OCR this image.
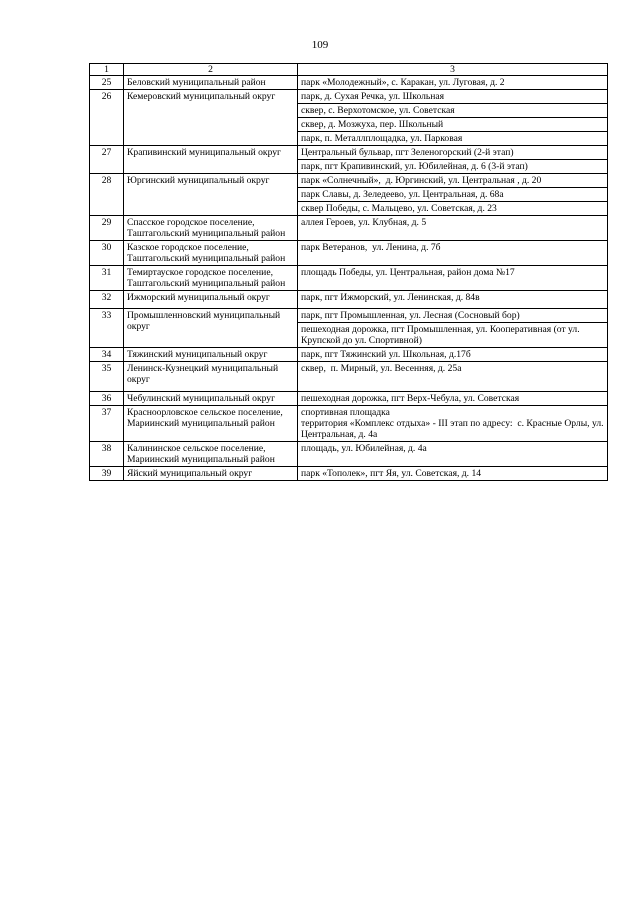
109
1	2	3
25	Беловский муниципальный район	парк «Молодежный», с. Каракан, ул. Луговая, д. 2

26	Кемеровский муниципальный округ	парк, д. Сухая Речка, ул. Школьная

		сквер, с. Верхотомское, ул. Советская

		сквер, д. Мозжуха, пер. Школьный

		парк, п. Металлплощадка, ул. Парковая

27	Крапивинский муниципальный округ	Центральный бульвар, пгт Зеленогорский (2-й этап)

		парк, пгт Крапивинский, ул. Юбилейная, д. 6 (3-й этап)

28	Юргинский муниципальный округ	парк «Солнечный»,  д. Юргинский, ул. Центральная , д. 20

		парк Славы, д. Зеледеево, ул. Центральная, д. 68а

		сквер Победы, с. Мальцево, ул. Советская, д. 23

29	Спасское городское поселение, Таштагольский муниципальный район	аллея Героев, ул. Клубная, д. 5

30	Казское городское поселение, Таштагольский муниципальный район	парк Ветеранов,  ул. Ленина, д. 7б

31	Темиртауское городское поселение, Таштагольский муниципальный район	площадь Победы, ул. Центральная, район дома №17

32	Ижморский муниципальный округ	парк, пгт Ижморский, ул. Ленинская, д. 84в

33	Промышленновский муниципальный округ	парк, пгт Промышленная, ул. Лесная (Сосновый бор)

		пешеходная дорожка, пгт Промышленная, ул. Кооперативная (от ул. Крупской до ул. Спортивной)

34	Тяжинский муниципальный округ	парк, пгт Тяжинский ул. Школьная, д.17б

35	Ленинск-Кузнецкий муниципальный округ	сквер,  п. Мирный, ул. Весенняя, д. 25а

36	Чебулинский муниципальный округ	пешеходная дорожка, пгт Верх-Чебула, ул. Советская

37	Красноорловское сельское поселение, Мариинский муниципальный район	спортивная площадка
территория «Комплекс отдыха» - III этап по адресу:  с. Красные Орлы, ул. Центральная, д. 4а

38	Калининское сельское поселение, Мариинский муниципальный район	площадь, ул. Юбилейная, д. 4а

39	Яйский муниципальный округ	парк «Тополек», пгт Яя, ул. Советская, д. 14
